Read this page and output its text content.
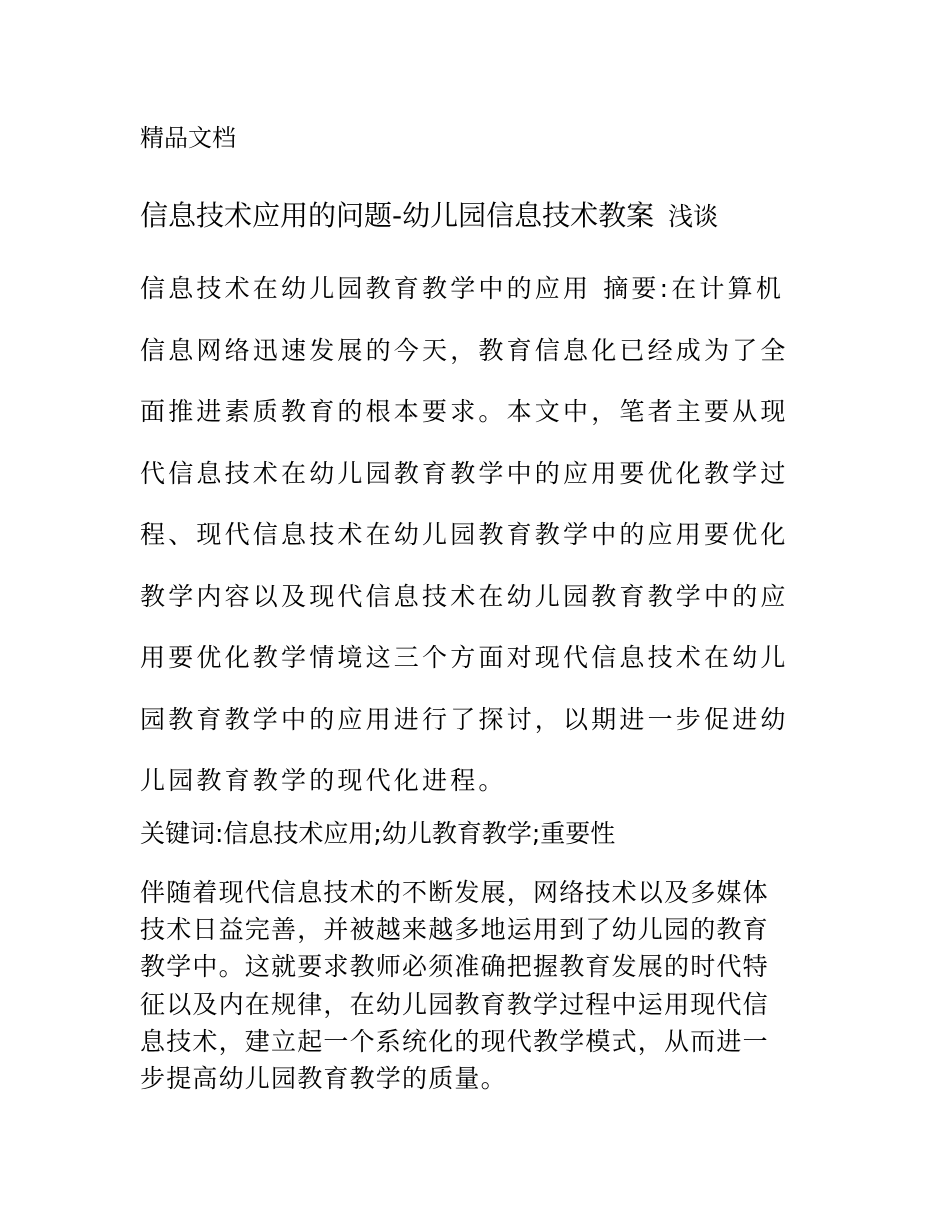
精品文档
信息技术应用的问题-幼儿园信息技术教案 浅谈
信息技术在幼儿园教育教学中的应用 摘要:在计算机
信息网络迅速发展的今天，教育信息化已经成为了全
面推进素质教育的根本要求。本文中，笔者主要从现
代信息技术在幼儿园教育教学中的应用要优化教学过
程、现代信息技术在幼儿园教育教学中的应用要优化
教学内容以及现代信息技术在幼儿园教育教学中的应
用要优化教学情境这三个方面对现代信息技术在幼儿
园教育教学中的应用进行了探讨，以期进一步促进幼
儿园教育教学的现代化进程。
关键词:信息技术应用;幼儿教育教学;重要性
伴随着现代信息技术的不断发展，网络技术以及多媒体
技术日益完善，并被越来越多地运用到了幼儿园的教育
教学中。这就要求教师必须准确把握教育发展的时代特
征以及内在规律，在幼儿园教育教学过程中运用现代信
息技术，建立起一个系统化的现代教学模式，从而进一
步提高幼儿园教育教学的质量。
